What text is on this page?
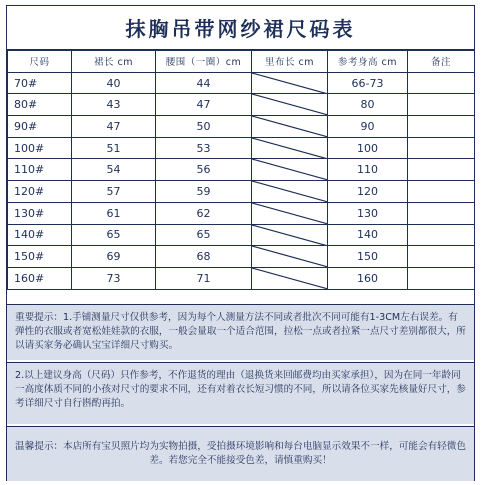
抹胸吊带网纱裙尺码表
尺码	裙长 cm	腰围（一圈）cm	里布长 cm	参考身高 cm	备注
70#	40	44		66-73	
80#	43	47		80	
90#	47	50		90	
100#	51	53		100	
110#	54	56		110	
120#	57	59		120	
130#	61	62		130	
140#	65	65		140	
150#	69	68		150	
160#	73	71		160	

重要提示：1.手铺测量尺寸仅供参考，因为每个人测量方法不同或者批次不同可能有1-3CM左右误差。有弹性的衣服或者宽松娃娃款的衣服，一般会量取一个适合范围，拉松一点或者拉紧一点尺寸差别都很大，所以请买家务必确认宝宝详细尺寸购买。

2.以上建议身高（尺码）只作参考，不作退货的理由（退换货来回邮费均由买家承担），因为在同一年龄同一高度体质不同的小孩对尺寸的要求不同，还有对着衣长短习惯的不同，所以请各位买家先核量好尺寸，参考详细尺寸自行斟酌再拍。

温馨提示：本店所有宝贝照片均为实物拍摄，受拍摄环境影响和每台电脑显示效果不一样，可能会有轻微色差。若您完全不能接受色差，请慎重购买！
